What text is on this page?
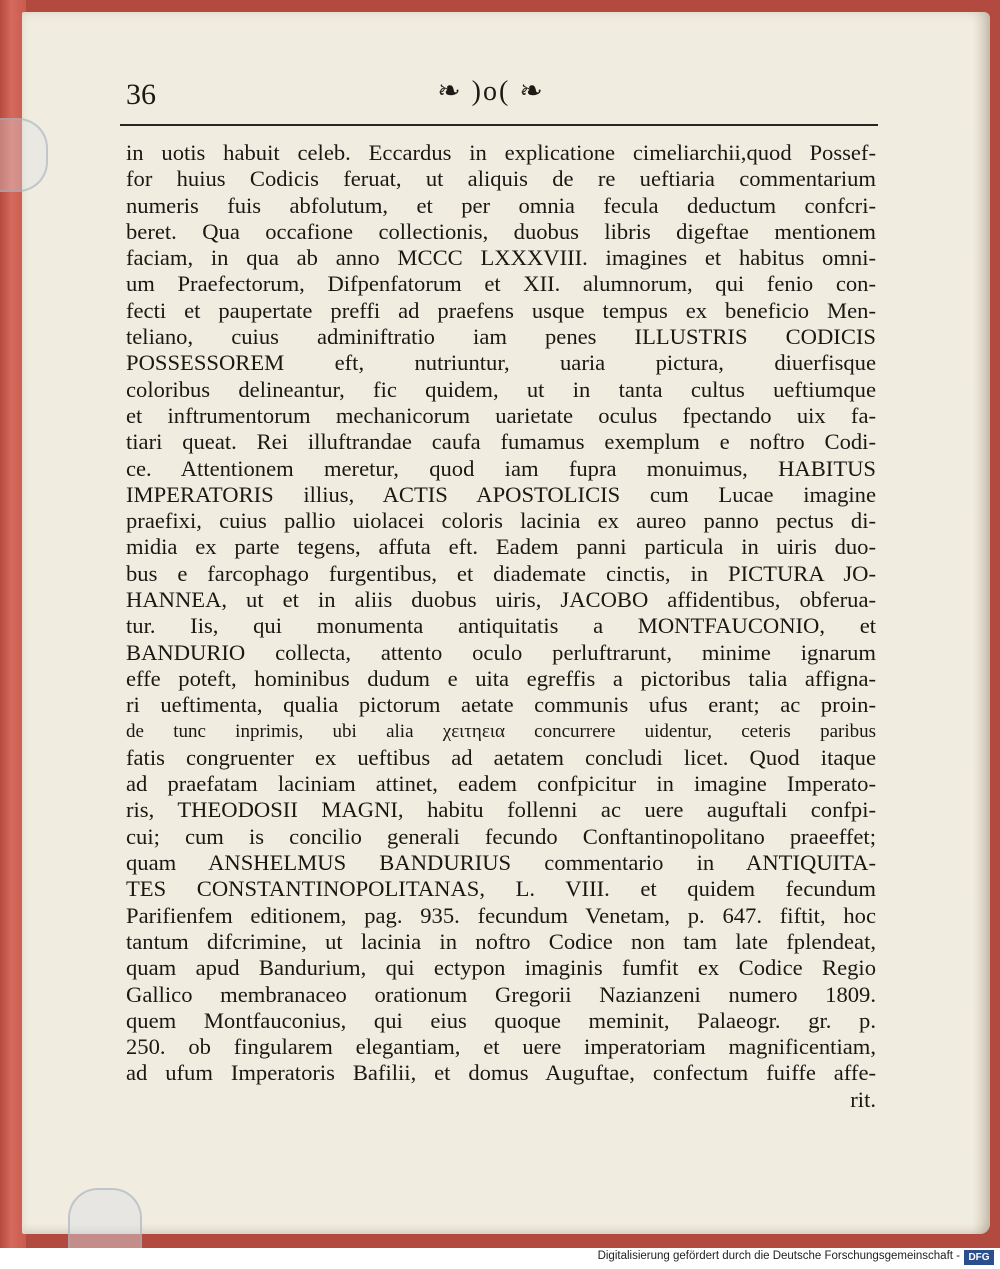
36	❧ )o( ❧
in uotis habuit celeb. Eccardus in explicatione cimeliarchii,quod Possef-
for huius Codicis feruat, ut aliquis de re ueftiaria commentarium
numeris fuis abfolutum, et per omnia fecula deductum confcri-
beret. Qua occafione collectionis, duobus libris digeftae mentionem
faciam, in qua ab anno MCCC LXXXVIII. imagines et habitus omni-
um Praefectorum, Difpenfatorum et XII. alumnorum, qui fenio con-
fecti et paupertate preffi ad praefens usque tempus ex beneficio Men-
teliano, cuius adminiftratio iam penes ILLUSTRIS CODICIS
POSSESSOREM eft, nutriuntur, uaria pictura, diuerfisque
coloribus delineantur, fic quidem, ut in tanta cultus ueftiumque
et inftrumentorum mechanicorum uarietate oculus fpectando uix fa-
tiari queat. Rei illuftrandae caufa fumamus exemplum e noftro Codi-
ce. Attentionem meretur, quod iam fupra monuimus, HABITUS
IMPERATORIS illius, ACTIS APOSTOLICIS cum Lucae imagine
praefixi, cuius pallio uiolacei coloris lacinia ex aureo panno pectus di-
midia ex parte tegens, affuta eft. Eadem panni particula in uiris duo-
bus e farcophago furgentibus, et diademate cinctis, in PICTURA JO-
HANNEA, ut et in aliis duobus uiris, JACOBO affidentibus, obferua-
tur. Iis, qui monumenta antiquitatis a MONTFAUCONIO, et
BANDURIO collecta, attento oculo perluftrarunt, minime ignarum
effe poteft, hominibus dudum e uita egreffis a pictoribus talia affigna-
ri ueftimenta, qualia pictorum aetate communis ufus erant; ac proin-
de tunc inprimis, ubi alia χειτηεια concurrere uidentur, ceteris paribus
fatis congruenter ex ueftibus ad aetatem concludi licet. Quod itaque
ad praefatam laciniam attinet, eadem confpicitur in imagine Imperato-
ris, THEODOSII MAGNI, habitu follenni ac uere auguftali confpi-
cui; cum is concilio generali fecundo Conftantinopolitano praeeffet;
quam ANSHELMUS BANDURIUS commentario in ANTIQUITA-
TES CONSTANTINOPOLITANAS, L. VIII. et quidem fecundum
Parifienfem editionem, pag. 935. fecundum Venetam, p. 647. fiftit, hoc
tantum difcrimine, ut lacinia in noftro Codice non tam late fplendeat,
quam apud Bandurium, qui ectypon imaginis fumfit ex Codice Regio
Gallico membranaceo orationum Gregorii Nazianzeni numero 1809.
quem Montfauconius, qui eius quoque meminit, Palaeogr. gr. p.
250. ob fingularem elegantiam, et uere imperatoriam magnificentiam,
ad ufum Imperatoris Bafilii, et domus Auguftae, confectum fuiffe affe-
rit.
Digitalisierung gefördert durch die Deutsche Forschungsgemeinschaft - DFG
